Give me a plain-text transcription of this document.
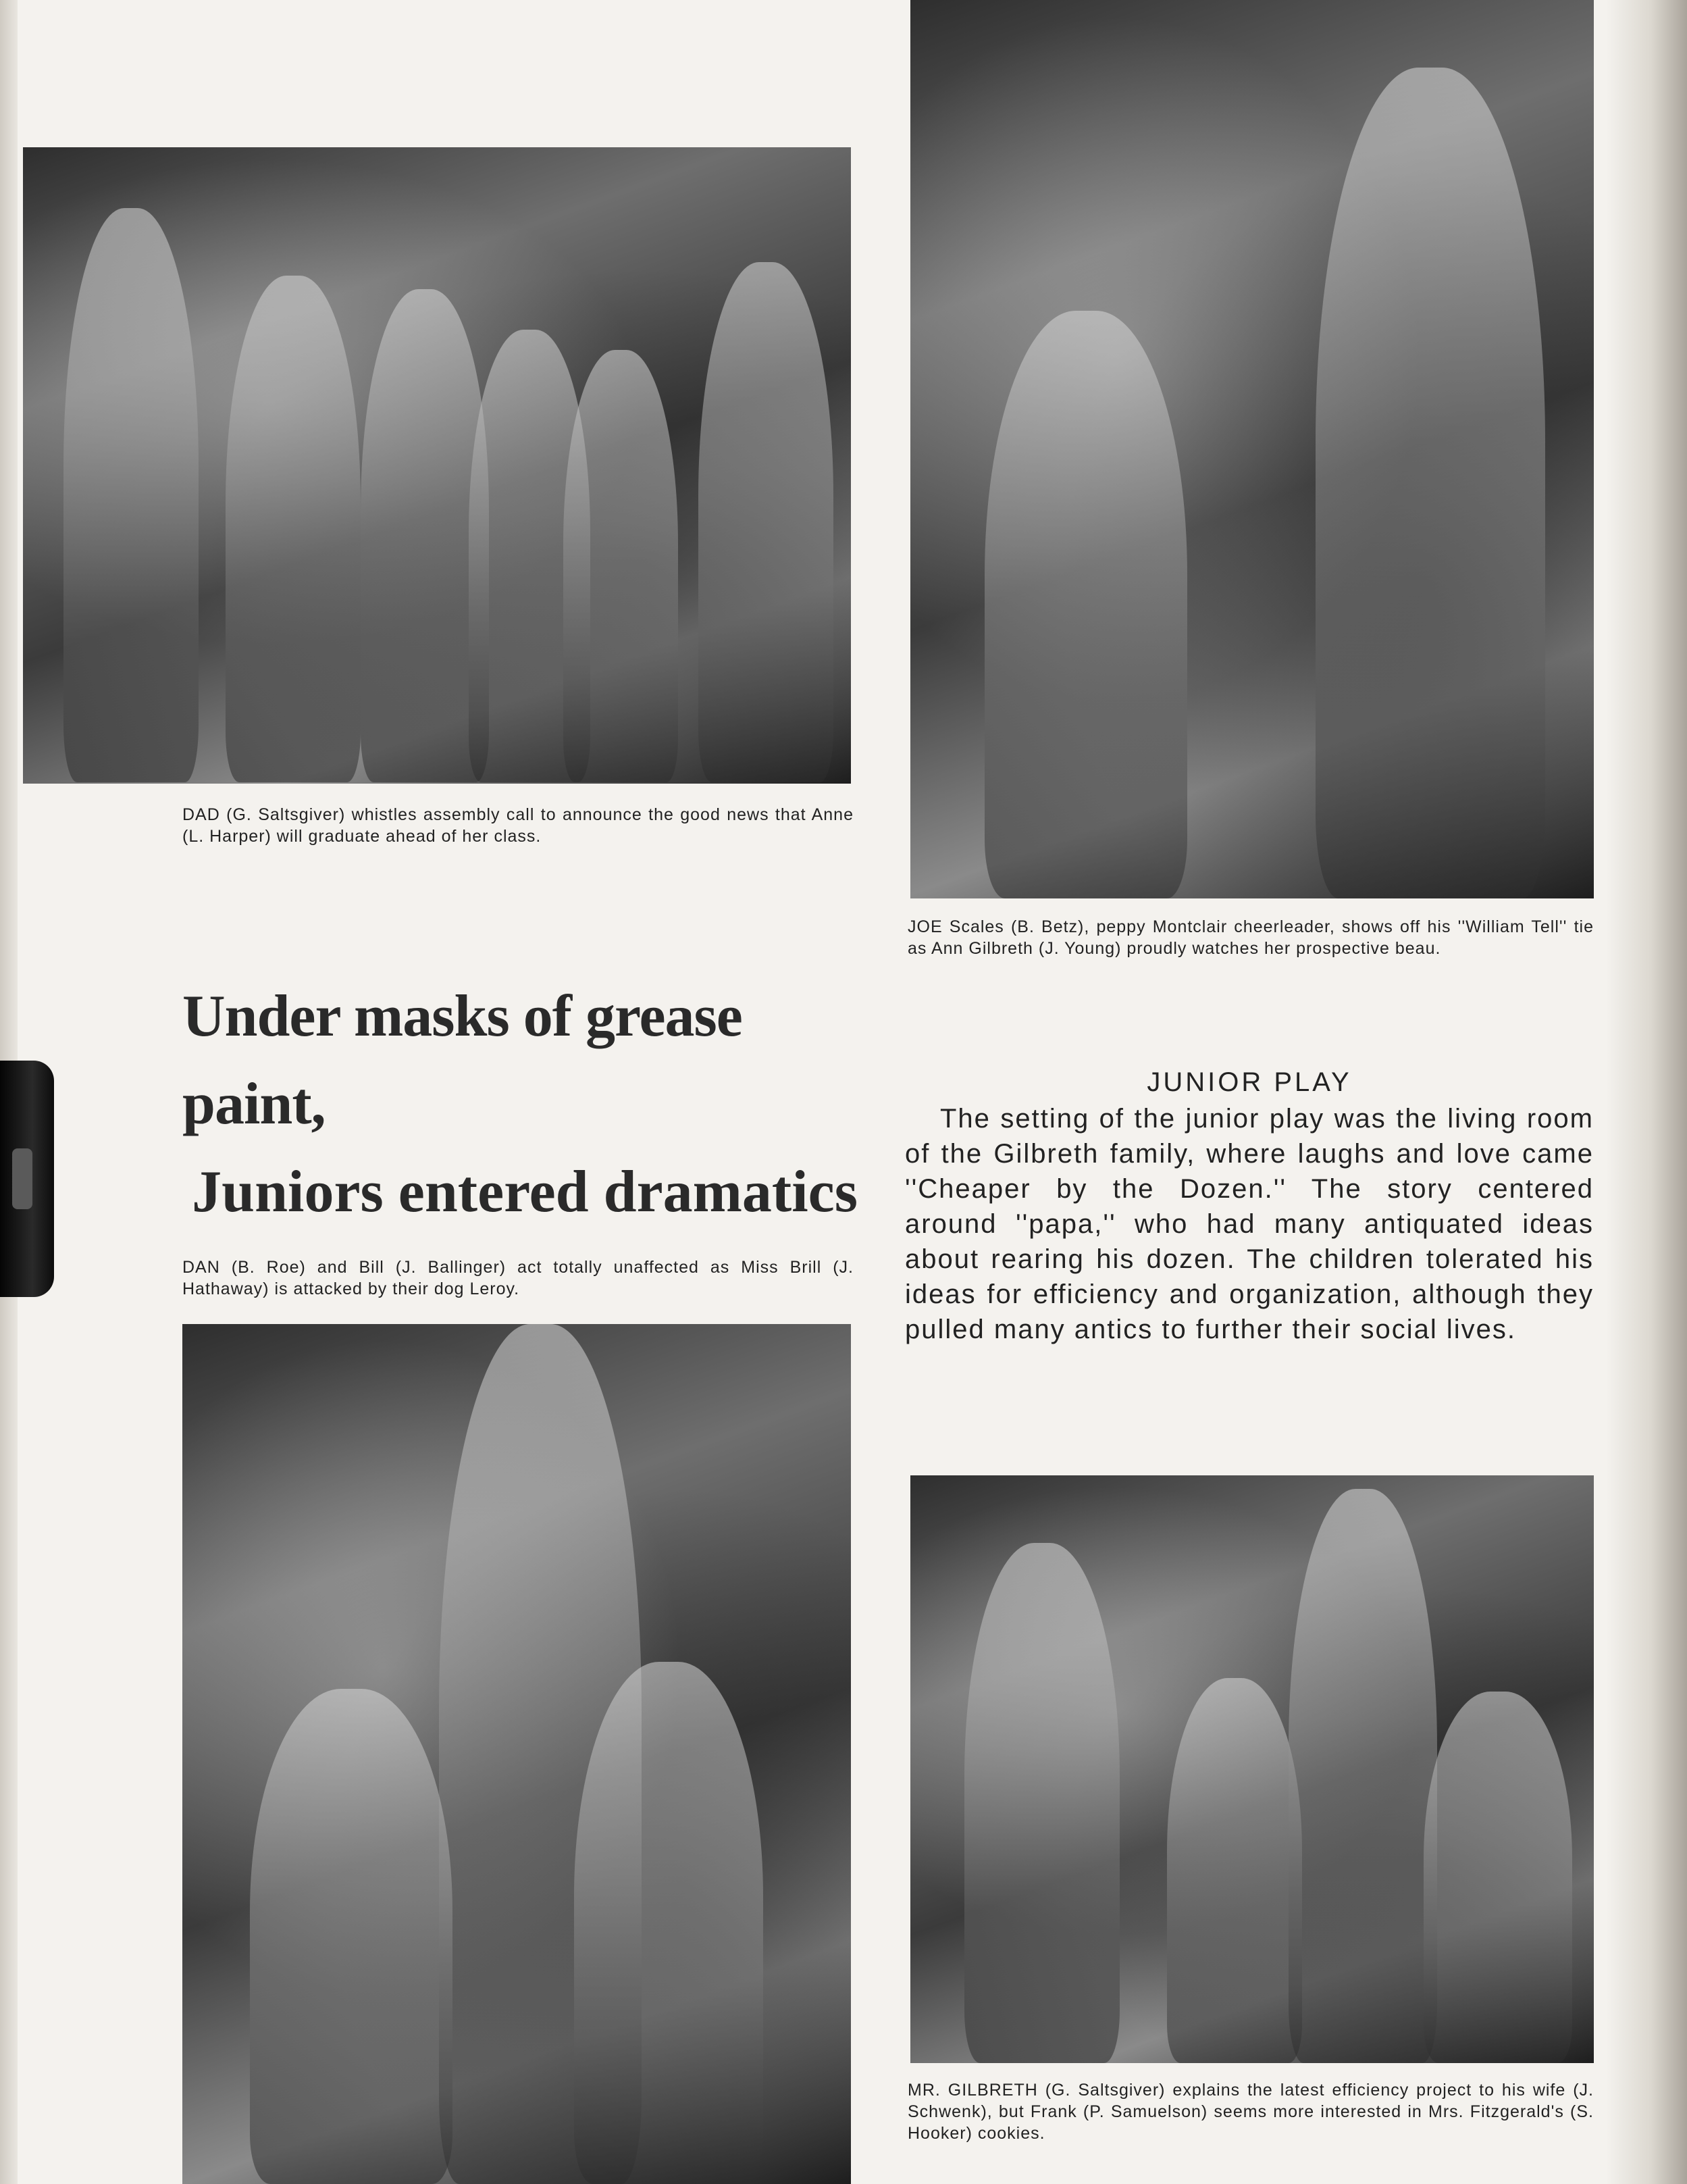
DAD (G. Saltsgiver) whistles assembly call to announce the good news that Anne (L. Harper) will graduate ahead of her class.

JOE Scales (B. Betz), peppy Montclair cheerleader, shows off his ''William Tell'' tie as Ann Gilbreth (J. Young) proudly watches her prospective beau.

Under masks of grease paint,
Juniors entered dramatics
JUNIOR PLAY

The setting of the junior play was the living room of the Gilbreth family, where laughs and love came ''Cheaper by the Dozen.'' The story centered around ''papa,'' who had many antiquated ideas about rearing his dozen. The children tolerated his ideas for efficiency and organization, although they pulled many antics to further their social lives.

DAN (B. Roe) and Bill (J. Ballinger) act totally unaffected as Miss Brill (J. Hathaway) is attacked by their dog Leroy.

MR. GILBRETH (G. Saltsgiver) explains the latest efficiency project to his wife (J. Schwenk), but Frank (P. Samuelson) seems more interested in Mrs. Fitzgerald's (S. Hooker) cookies.
